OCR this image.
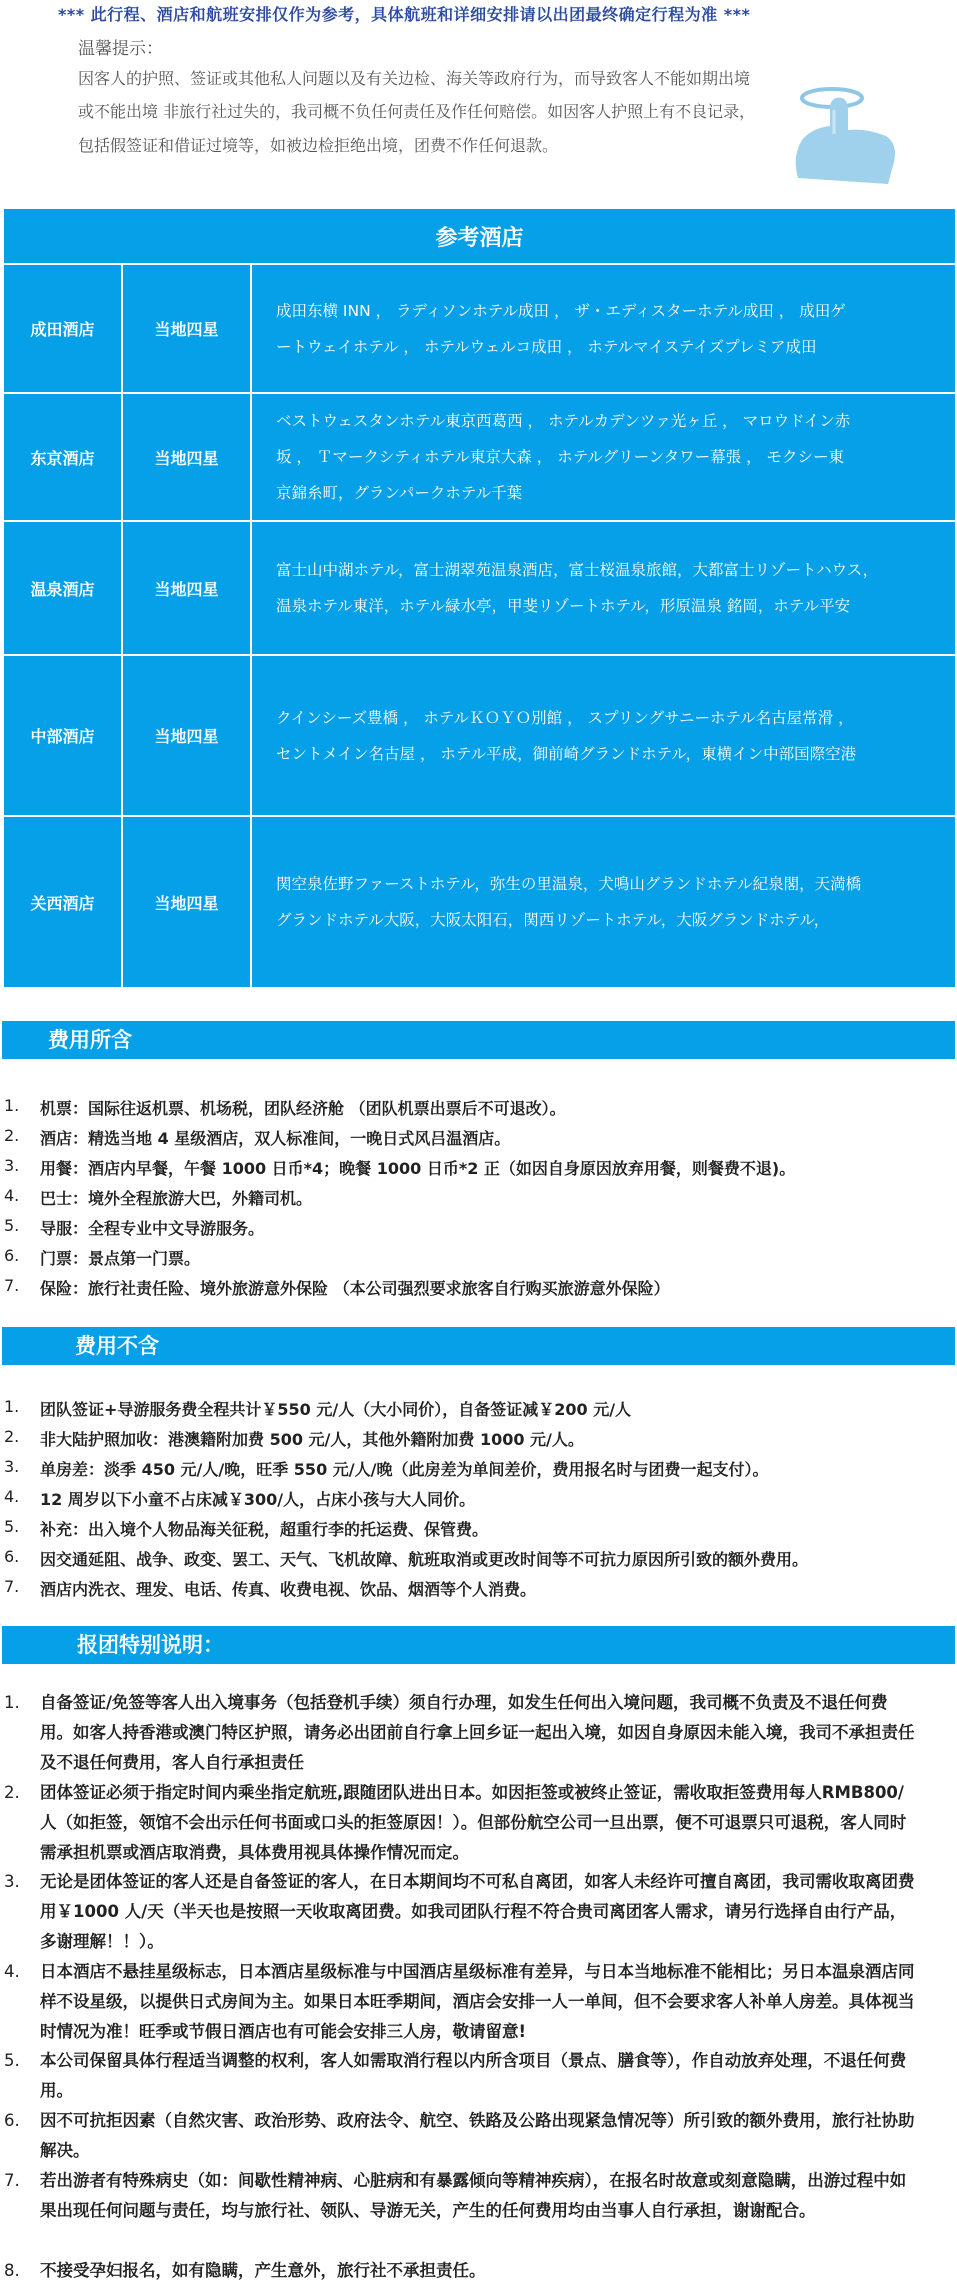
*** 此行程、酒店和航班安排仅作为参考，具体航班和详细安排请以出团最终确定行程为准 ***
温馨提示：
因客人的护照、签证或其他私人问题以及有关边检、海关等政府行为，而导致客人不能如期出境
或不能出境 非旅行社过失的，我司概不负任何责任及作任何赔偿。如因客人护照上有不良记录，
包括假签证和借证过境等，如被边检拒绝出境，团费不作任何退款。
参考酒店		
成田酒店	当地四星	成田东横 INN ， ラディソンホテル成田 ， ザ・エディスターホテル成田 ， 成田ゲ
ートウェイホテル ， ホテルウェルコ成田 ， ホテルマイステイズプレミア成田

东京酒店	当地四星	ベストウェスタンホテル東京西葛西 ， ホテルカデンツァ光ヶ丘 ， マロウドイン赤
坂 ， Ｔマークシティホテル東京大森 ， ホテルグリーンタワー幕張 ， モクシー東
京錦糸町，グランパークホテル千葉

温泉酒店	当地四星	富士山中湖ホテル，富士湖翠苑温泉酒店，富士桜温泉旅館，大都富士リゾートハウス，
温泉ホテル東洋，ホテル緑水亭，甲斐リゾートホテル，形原温泉 銘岡，ホテル平安

中部酒店	当地四星	クインシーズ豊橋 ， ホテルＫＯＹＯ別館 ， スプリングサニーホテル名古屋常滑 ，
セントメイン名古屋 ， ホテル平成，御前崎グランドホテル，東横イン中部国際空港

关西酒店	当地四星	関空泉佐野ファーストホテル，弥生の里温泉，犬鳴山グランドホテル紀泉閣，天満橋
グランドホテル大阪，大阪太阳石，関西リゾートホテル，大阪グランドホテル，
费用所含
1. 机票：国际往返机票、机场税，团队经济舱 （团队机票出票后不可退改）。
2. 酒店：精选当地 4 星级酒店，双人标准间，一晚日式风吕温酒店。
3. 用餐：酒店内早餐，午餐 1000 日币*4；晚餐 1000 日币*2 正（如因自身原因放弃用餐，则餐费不退)。
4. 巴士：境外全程旅游大巴，外籍司机。
5. 导服：全程专业中文导游服务。
6. 门票：景点第一门票。
7. 保险：旅行社责任险、境外旅游意外保险 （本公司强烈要求旅客自行购买旅游意外保险）
费用不含
1. 团队签证+导游服务费全程共计￥550 元/人（大小同价），自备签证减￥200 元/人
2. 非大陆护照加收：港澳籍附加费 500 元/人，其他外籍附加费 1000 元/人。
3. 单房差：淡季 450 元/人/晚，旺季 550 元/人/晚（此房差为单间差价，费用报名时与团费一起支付）。
4. 12 周岁以下小童不占床减￥300/人，占床小孩与大人同价。
5. 补充：出入境个人物品海关征税，超重行李的托运费、保管费。
6. 因交通延阻、战争、政变、罢工、天气、飞机故障、航班取消或更改时间等不可抗力原因所引致的额外费用。
7. 酒店内洗衣、理发、电话、传真、收费电视、饮品、烟酒等个人消费。
报团特别说明：
1. 自备签证/免签等客人出入境事务（包括登机手续）须自行办理，如发生任何出入境问题，我司概不负责及不退任何费用。如客人持香港或澳门特区护照，请务必出团前自行拿上回乡证一起出入境，如因自身原因未能入境，我司不承担责任及不退任何费用，客人自行承担责任
2. 团体签证必须于指定时间内乘坐指定航班,跟随团队进出日本。如因拒签或被终止签证，需收取拒签费用每人RMB800/人（如拒签，领馆不会出示任何书面或口头的拒签原因！）。但部份航空公司一旦出票，便不可退票只可退税，客人同时需承担机票或酒店取消费，具体费用视具体操作情况而定。
3. 无论是团体签证的客人还是自备签证的客人，在日本期间均不可私自离团，如客人未经许可擅自离团，我司需收取离团费用￥1000 人/天（半天也是按照一天收取离团费。如我司团队行程不符合贵司离团客人需求，请另行选择自由行产品，多谢理解！！）。
4. 日本酒店不悬挂星级标志，日本酒店星级标准与中国酒店星级标准有差异，与日本当地标准不能相比；另日本温泉酒店同样不设星级，以提供日式房间为主。如果日本旺季期间，酒店会安排一人一单间，但不会要求客人补单人房差。具体视当时情况为准！旺季或节假日酒店也有可能会安排三人房，敬请留意!
5. 本公司保留具体行程适当调整的权利，客人如需取消行程以内所含项目（景点、膳食等），作自动放弃处理，不退任何费用。
6. 因不可抗拒因素（自然灾害、政治形势、政府法令、航空、铁路及公路出现紧急情况等）所引致的额外费用，旅行社协助解决。
7. 若出游者有特殊病史（如：间歇性精神病、心脏病和有暴露倾向等精神疾病），在报名时故意或刻意隐瞒，出游过程中如果出现任何问题与责任，均与旅行社、领队、导游无关，产生的任何费用均由当事人自行承担，谢谢配合。
8. 不接受孕妇报名，如有隐瞒，产生意外，旅行社不承担责任。
